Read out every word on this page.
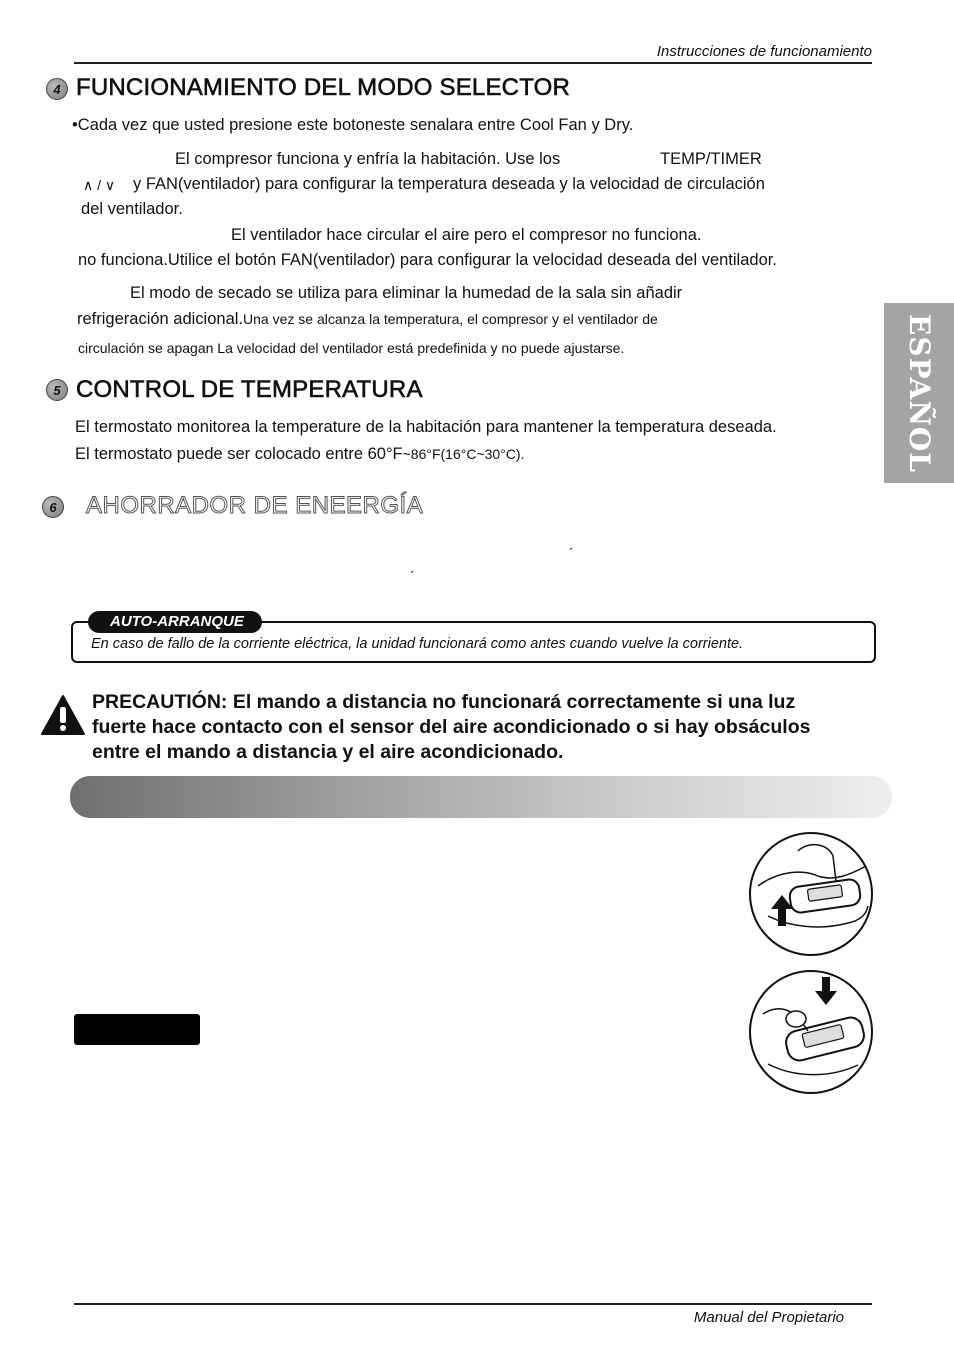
Instrucciones de funcionamiento
ESPAÑOL
4 FUNCIONAMIENTO DEL MODO SELECTOR
•Cada vez que usted presione este botoneste senalara entre Cool Fan y Dry.
El compresor funciona y enfría la habitación. Use los	TEMP/TIMER
∧ / ∨ y FAN(ventilador) para configurar la temperatura deseada y la velocidad de circulación
del ventilador.
El ventilador hace circular el aire pero el compresor no funciona.
no funciona.Utilice el botón FAN(ventilador) para configurar la velocidad deseada del ventilador.
El modo de secado se utiliza para eliminar la humedad de la sala sin añadir
refrigeración adicional.Una vez se alcanza la temperatura, el compresor y el ventilador de
circulación se apagan La velocidad del ventilador está predefinida y no puede ajustarse.
5 CONTROL DE TEMPERATURA
El termostato monitorea la temperature de la habitación para mantener la temperatura deseada.
El termostato puede ser colocado entre 60°F~86°F(16°C~30°C).
6	AHORRADOR DE ENEERGÍA
´
´
AUTO-ARRANQUE
En caso de fallo de la corriente eléctrica, la unidad funcionará como antes cuando vuelve la corriente.
PRECAUTIÓN: El mando a distancia no funcionará correctamente si una luz fuerte hace contacto con el sensor del aire acondicionado o si hay obsáculos entre el mando a distancia y el aire acondicionado.
Manual del Propietario
